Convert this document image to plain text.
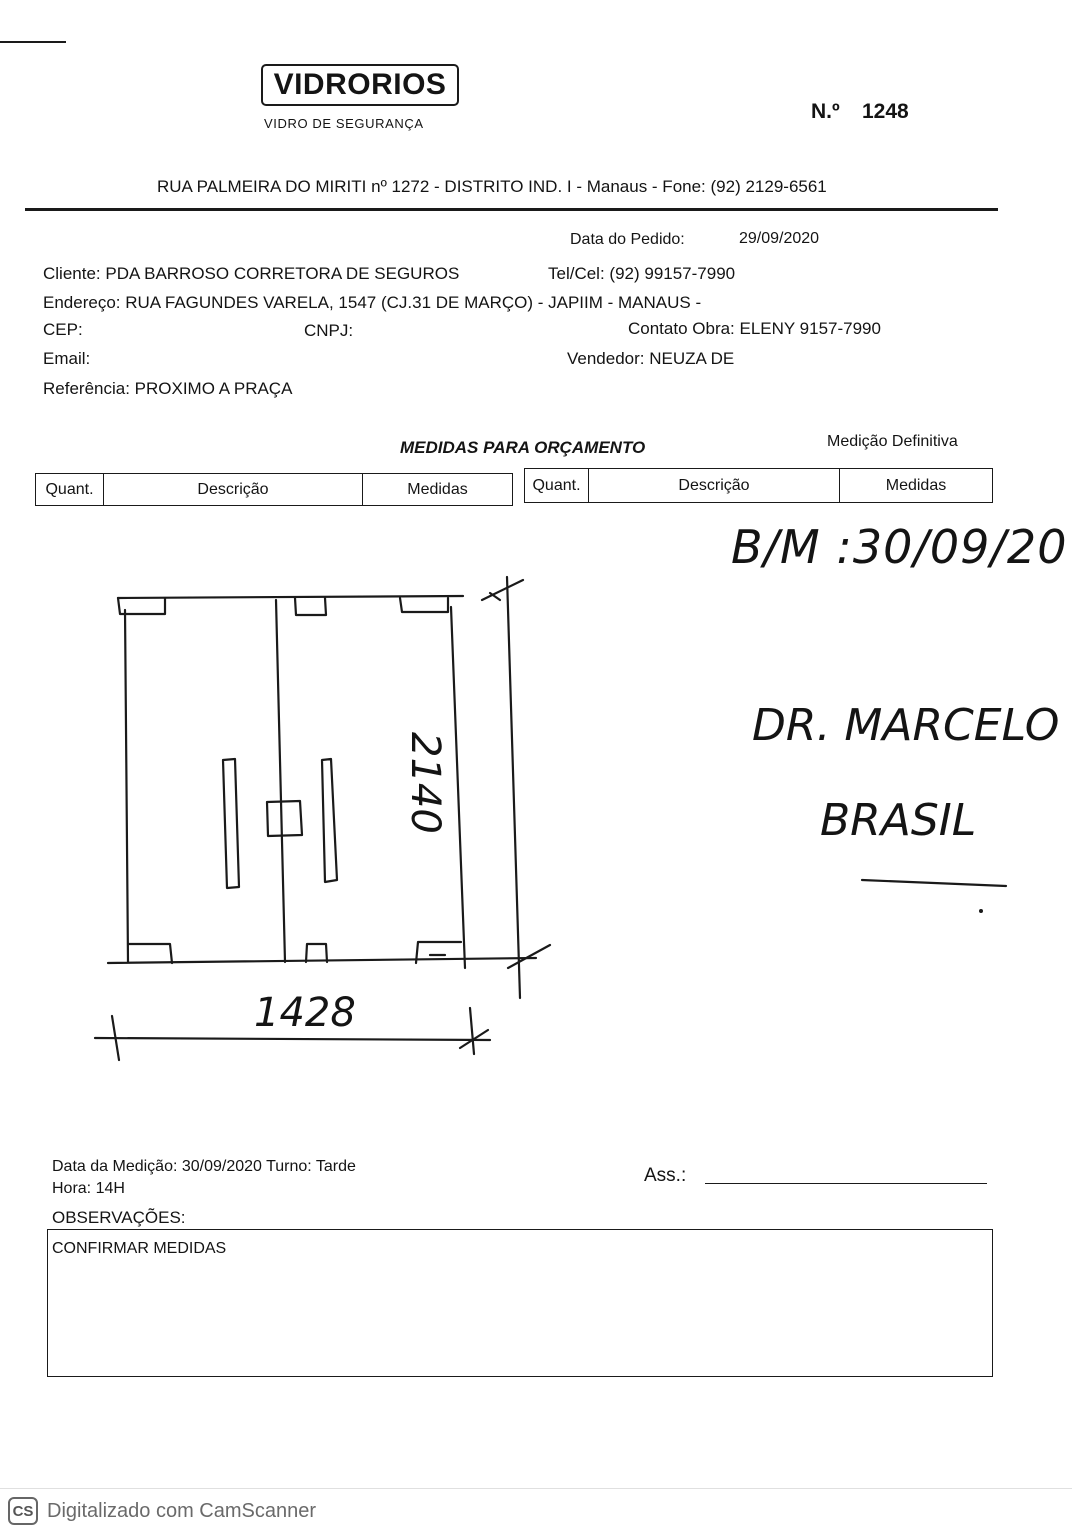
VIDRORIOS
VIDRO DE SEGURANÇA
N.º 1248
RUA PALMEIRA DO MIRITI nº 1272 - DISTRITO IND. I - Manaus - Fone: (92) 2129-6561
Data do Pedido:	29/09/2020
Cliente: PDA BARROSO CORRETORA DE SEGUROS	Tel/Cel: (92) 99157-7990
Endereço: RUA FAGUNDES VARELA, 1547 (CJ.31 DE MARÇO) - JAPIIM - MANAUS -
CEP:	CNPJ:	Contato Obra: ELENY 9157-7990
Email:	Vendedor: NEUZA DE
Referência: PROXIMO A PRAÇA
MEDIDAS PARA ORÇAMENTO	Medição Definitiva
Quant.	Descrição	Medidas	Quant.	Descrição	Medidas
B/M :30/09/20
DR. MARCELO
BRASIL
1428
2140
Data da Medição: 30/09/2020 Turno: Tarde
Hora: 14H
Ass.:
OBSERVAÇÕES:
CONFIRMAR MEDIDAS
CS Digitalizado com CamScanner
